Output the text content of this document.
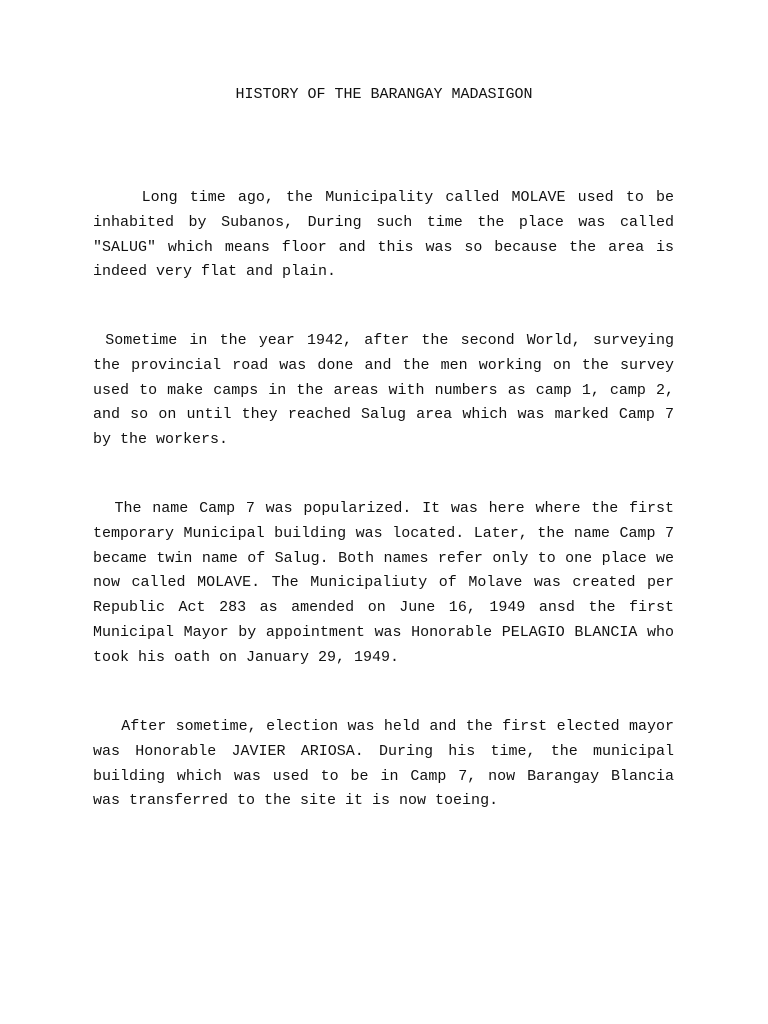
HISTORY OF THE BARANGAY MADASIGON

Long time ago, the Municipality called MOLAVE used to be inhabited by Subanos, During such time the place was called "SALUG" which means floor and this was so because the area is indeed very flat and plain.

Sometime in the year 1942, after the second World, surveying the provincial road was done and the men working on the survey used to make camps in the areas with numbers as camp 1, camp 2, and so on until they reached Salug area which was marked Camp 7 by the workers.

The name Camp 7 was popularized. It was here where the first temporary Municipal building was located. Later, the name Camp 7 became twin name of Salug. Both names refer only to one place we now called MOLAVE. The Municipaliuty of Molave was created per Republic Act 283 as amended on June 16, 1949 ansd the first Municipal Mayor by appointment was Honorable PELAGIO BLANCIA who took his oath on January 29, 1949.

After sometime, election was held and the first elected mayor was Honorable JAVIER ARIOSA. During his time, the municipal building which was used to be in Camp 7, now Barangay Blancia was transferred to the site it is now toeing.
